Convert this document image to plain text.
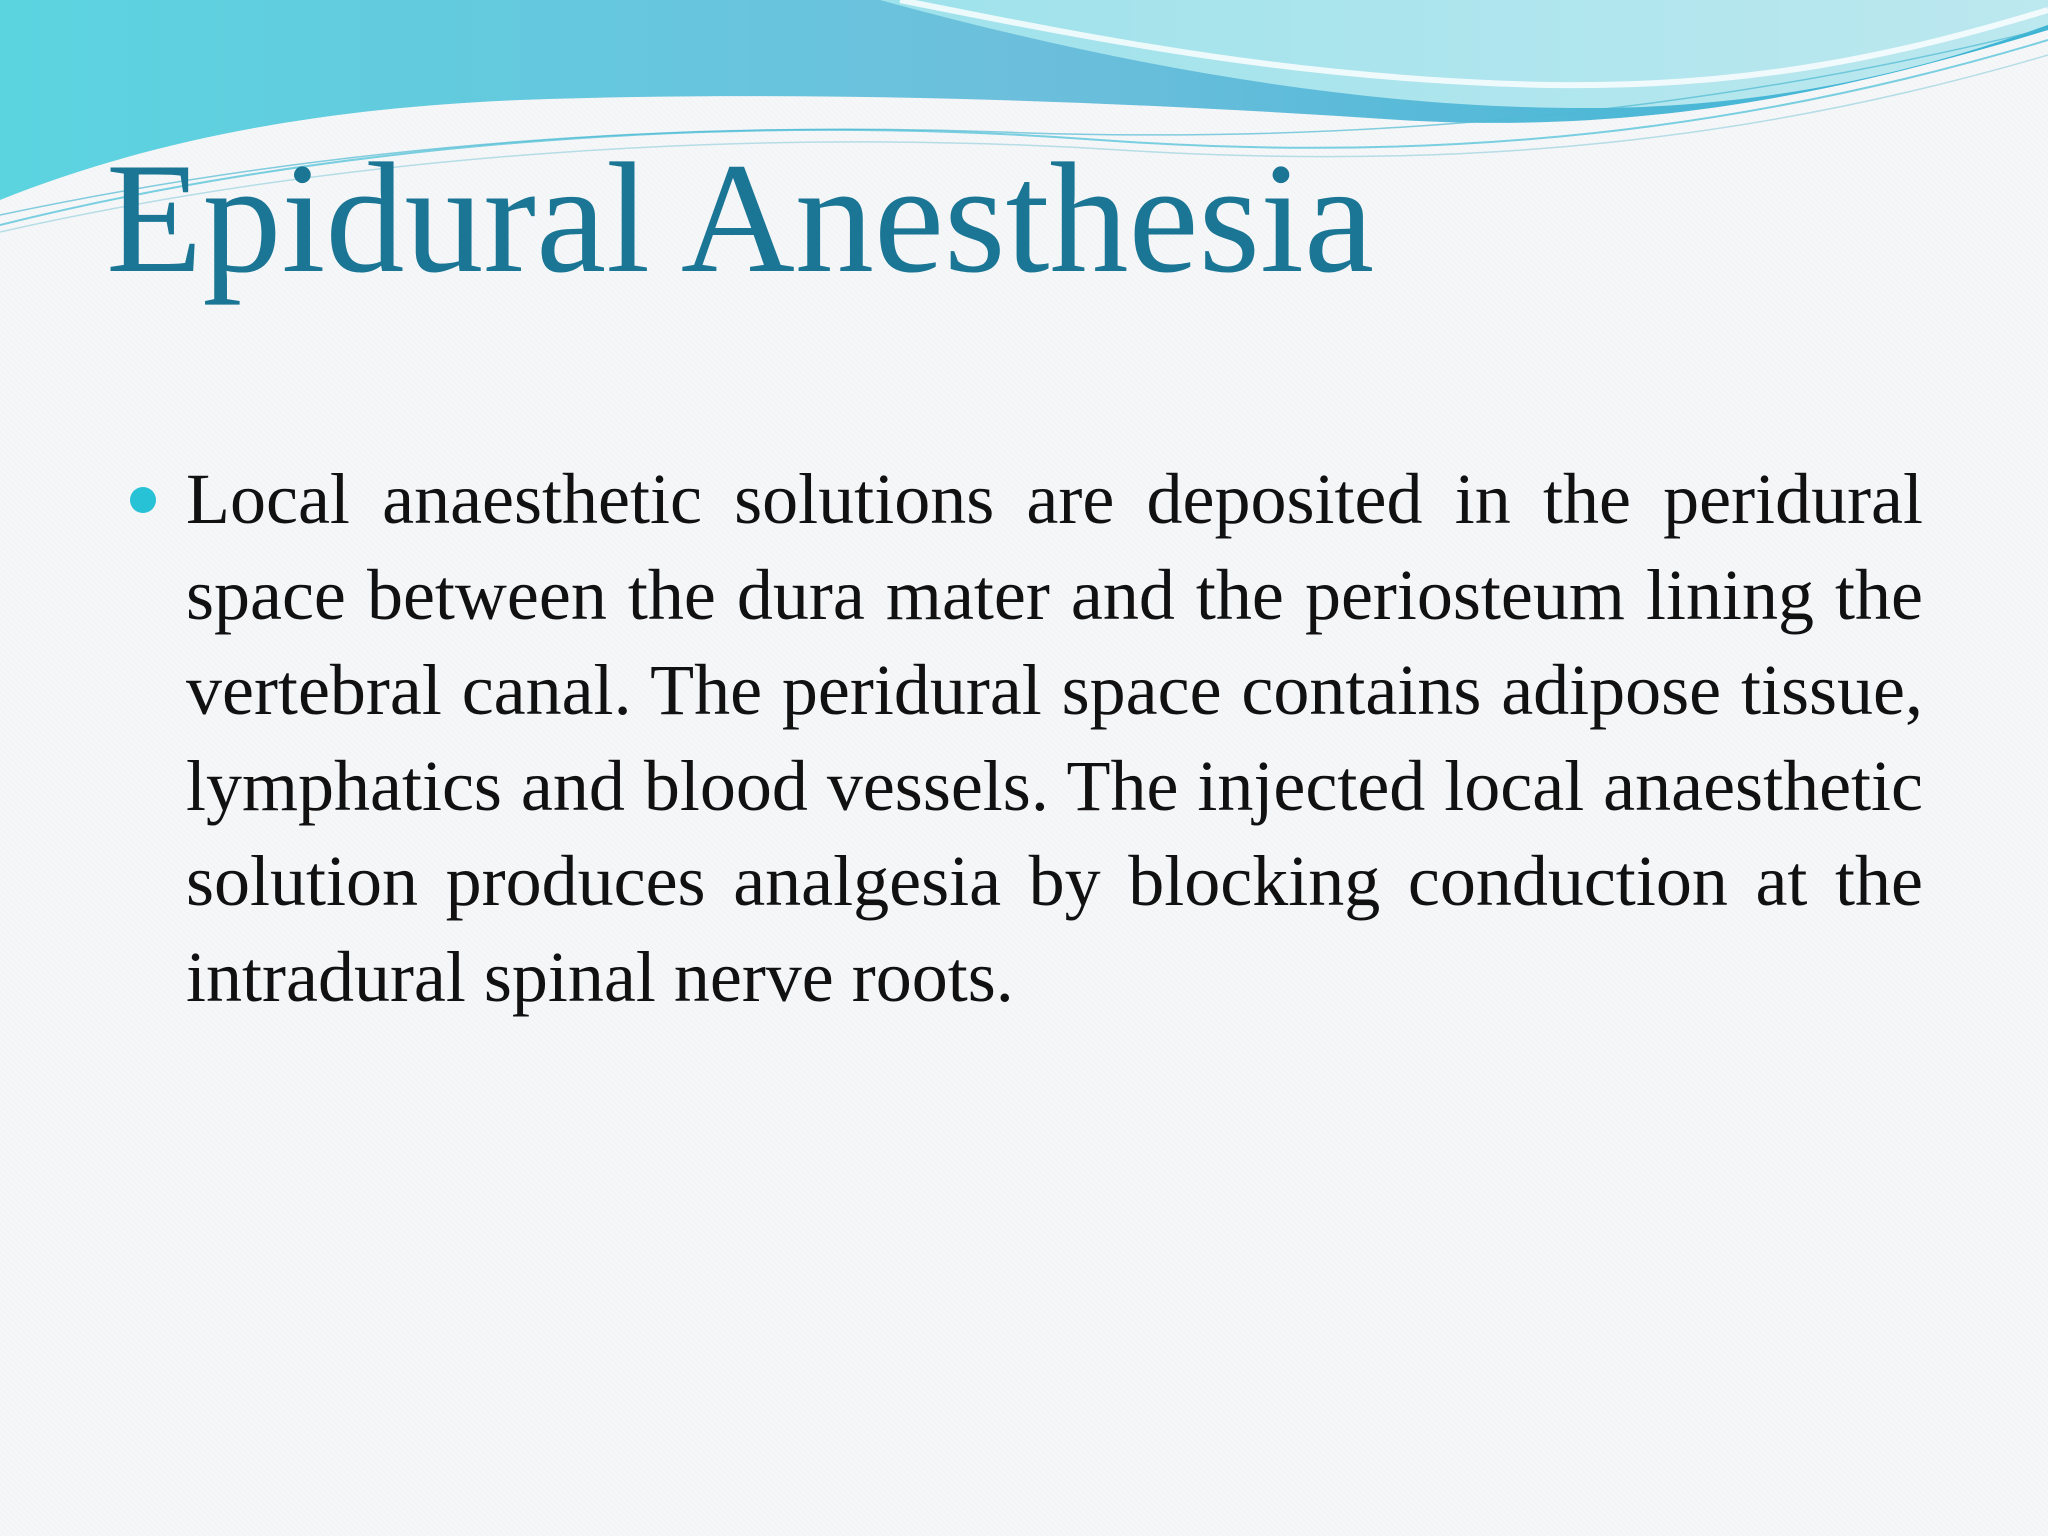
Epidural Anesthesia
Local anaesthetic solutions are deposited in the peridural space between the dura mater and the periosteum lining the vertebral canal. The peridural space contains adipose tissue, lymphatics and blood vessels. The injected local anaesthetic solution produces analgesia by blocking conduction at the intradural spinal nerve roots.
